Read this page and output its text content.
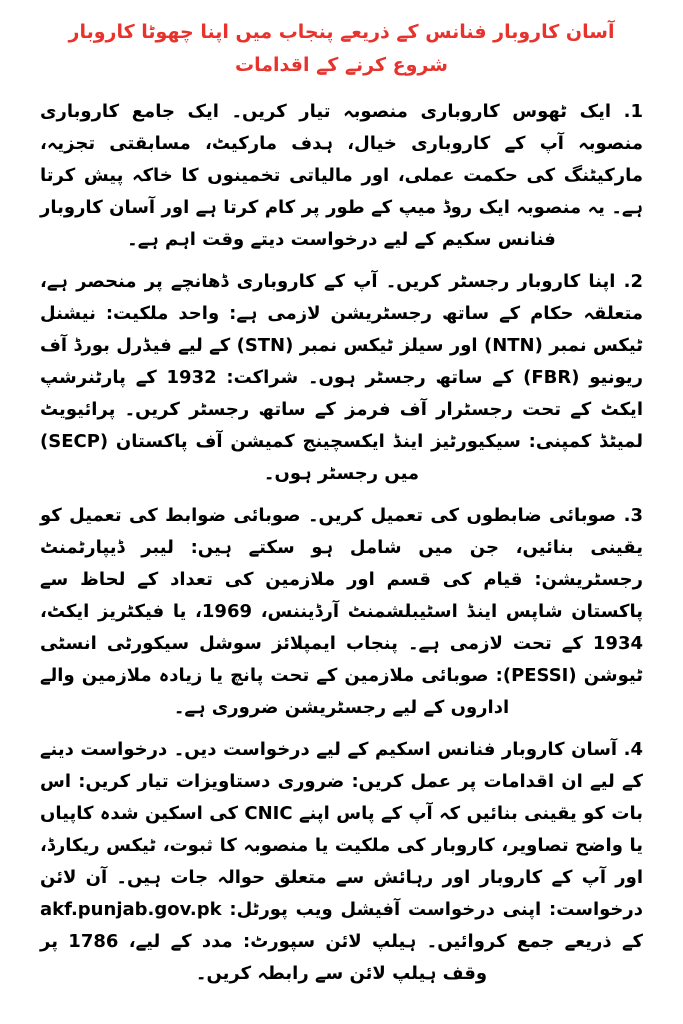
آسان کاروبار فنانس کے ذریعے پنجاب میں اپنا چھوٹا کاروبار شروع کرنے کے اقدامات

1. ایک ٹھوس کاروباری منصوبہ تیار کریں۔ ایک جامع کاروباری منصوبہ آپ کے کاروباری خیال، ہدف مارکیٹ، مسابقتی تجزیہ، مارکیٹنگ کی حکمت عملی، اور مالیاتی تخمینوں کا خاکہ پیش کرتا ہے۔ یہ منصوبہ ایک روڈ میپ کے طور پر کام کرتا ہے اور آسان کاروبار فنانس سکیم کے لیے درخواست دیتے وقت اہم ہے۔

2. اپنا کاروبار رجسٹر کریں۔ آپ کے کاروباری ڈھانچے پر منحصر ہے، متعلقہ حکام کے ساتھ رجسٹریشن لازمی ہے: واحد ملکیت: نیشنل ٹیکس نمبر (NTN) اور سیلز ٹیکس نمبر (STN) کے لیے فیڈرل بورڈ آف ریونیو (FBR) کے ساتھ رجسٹر ہوں۔ شراکت: 1932 کے پارٹنرشپ ایکٹ کے تحت رجسٹرار آف فرمز کے ساتھ رجسٹر کریں۔ پرائیویٹ لمیٹڈ کمپنی: سیکیورٹیز اینڈ ایکسچینج کمیشن آف پاکستان (SECP) میں رجسٹر ہوں۔

3. صوبائی ضابطوں کی تعمیل کریں۔ صوبائی ضوابط کی تعمیل کو یقینی بنائیں، جن میں شامل ہو سکتے ہیں: لیبر ڈیپارٹمنٹ رجسٹریشن: قیام کی قسم اور ملازمین کی تعداد کے لحاظ سے پاکستان شاپس اینڈ اسٹیبلشمنٹ آرڈیننس، 1969، یا فیکٹریز ایکٹ، 1934 کے تحت لازمی ہے۔ پنجاب ایمپلائز سوشل سیکورٹی انسٹی ٹیوشن (PESSI): صوبائی ملازمین کے تحت پانچ یا زیادہ ملازمین والے اداروں کے لیے رجسٹریشن ضروری ہے۔

4. آسان کاروبار فنانس اسکیم کے لیے درخواست دیں۔ درخواست دینے کے لیے ان اقدامات پر عمل کریں: ضروری دستاویزات تیار کریں: اس بات کو یقینی بنائیں کہ آپ کے پاس اپنے CNIC کی اسکین شدہ کاپیاں یا واضح تصاویر، کاروبار کی ملکیت یا منصوبہ کا ثبوت، ٹیکس ریکارڈ، اور آپ کے کاروبار اور رہائش سے متعلق حوالہ جات ہیں۔ آن لائن درخواست: اپنی درخواست آفیشل ویب پورٹل: akf.punjab.gov.pk کے ذریعے جمع کروائیں۔ ہیلپ لائن سپورٹ: مدد کے لیے، 1786 پر وقف ہیلپ لائن سے رابطہ کریں۔
